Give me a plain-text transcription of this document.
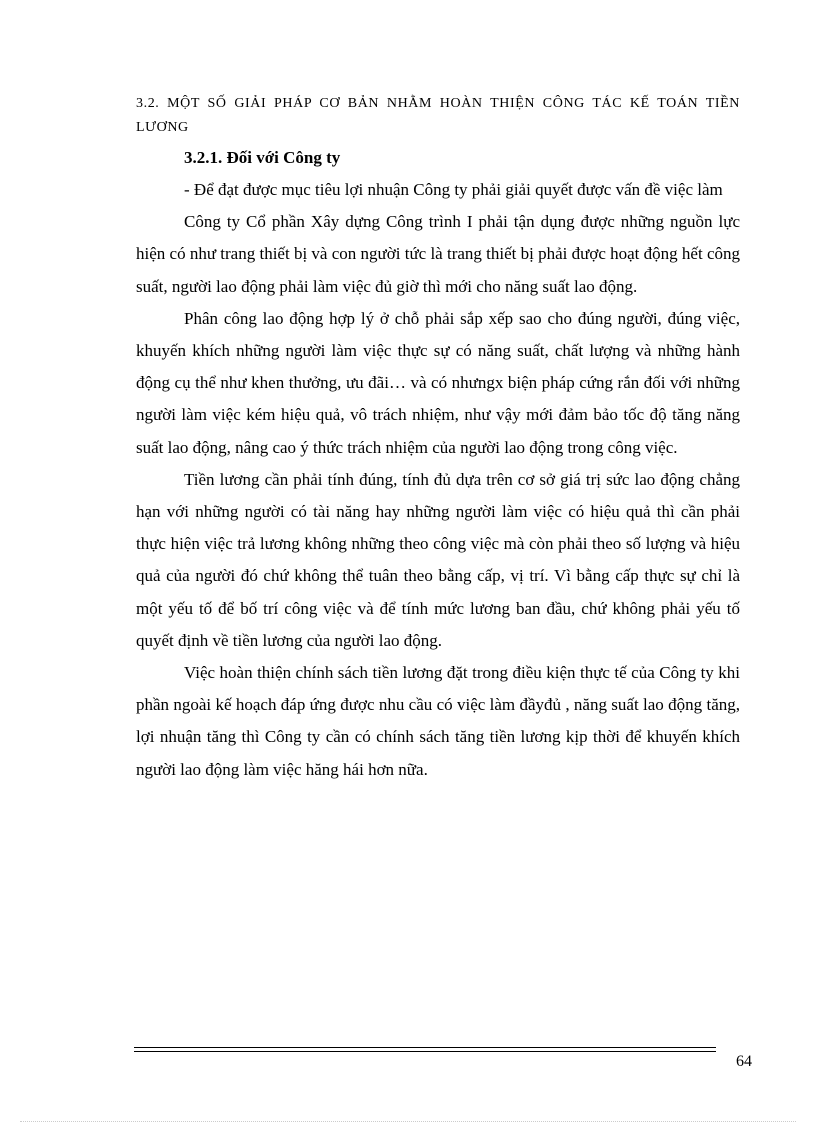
3.2. MỘT SỐ GIẢI PHÁP CƠ BẢN NHẰM HOÀN THIỆN CÔNG TÁC KẾ TOÁN TIỀN LƯƠNG

3.2.1. Đối với Công ty

- Để đạt được mục tiêu lợi nhuận Công ty phải giải quyết được vấn đề việc làm

Công ty Cổ phần Xây dựng Công trình I phải tận dụng được những nguồn lực hiện có như trang thiết bị và con người tức là trang thiết bị phải được hoạt động hết công suất, người lao động phải làm việc đủ giờ thì mới cho năng suất lao động.

Phân công lao động hợp lý ở chỗ phải sắp xếp sao cho đúng người, đúng việc, khuyến khích những người làm việc thực sự có năng suất, chất lượng và những hành động cụ thể như khen thưởng, ưu đãi… và có nhưngx biện pháp cứng rắn đối với những người làm việc kém hiệu quả, vô trách nhiệm, như vậy mới đảm bảo tốc độ tăng năng suất lao động, nâng cao ý thức trách nhiệm của người lao động trong công việc.

Tiền lương cần phải tính đúng, tính đủ dựa trên cơ sở giá trị sức lao động chẳng hạn với những người có tài năng hay những người làm việc có hiệu quả thì cần phải thực hiện việc trả lương không những theo công việc mà còn phải theo số lượng và hiệu quả của người đó chứ không thể tuân theo bằng cấp, vị trí. Vì bằng cấp thực sự chỉ là một yếu tố để bố trí công việc và để tính mức lương ban đầu, chứ không phải yếu tố quyết định về tiền lương của người lao động.

Việc hoàn thiện chính sách tiền lương đặt trong điều kiện thực tế của Công ty khi phần ngoài kế hoạch đáp ứng được nhu cầu có việc làm đầyđủ , năng suất lao động tăng, lợi nhuận tăng thì Công ty cần có chính sách tăng tiền lương kịp thời để khuyến khích người lao động làm việc hăng hái hơn nữa.

64
